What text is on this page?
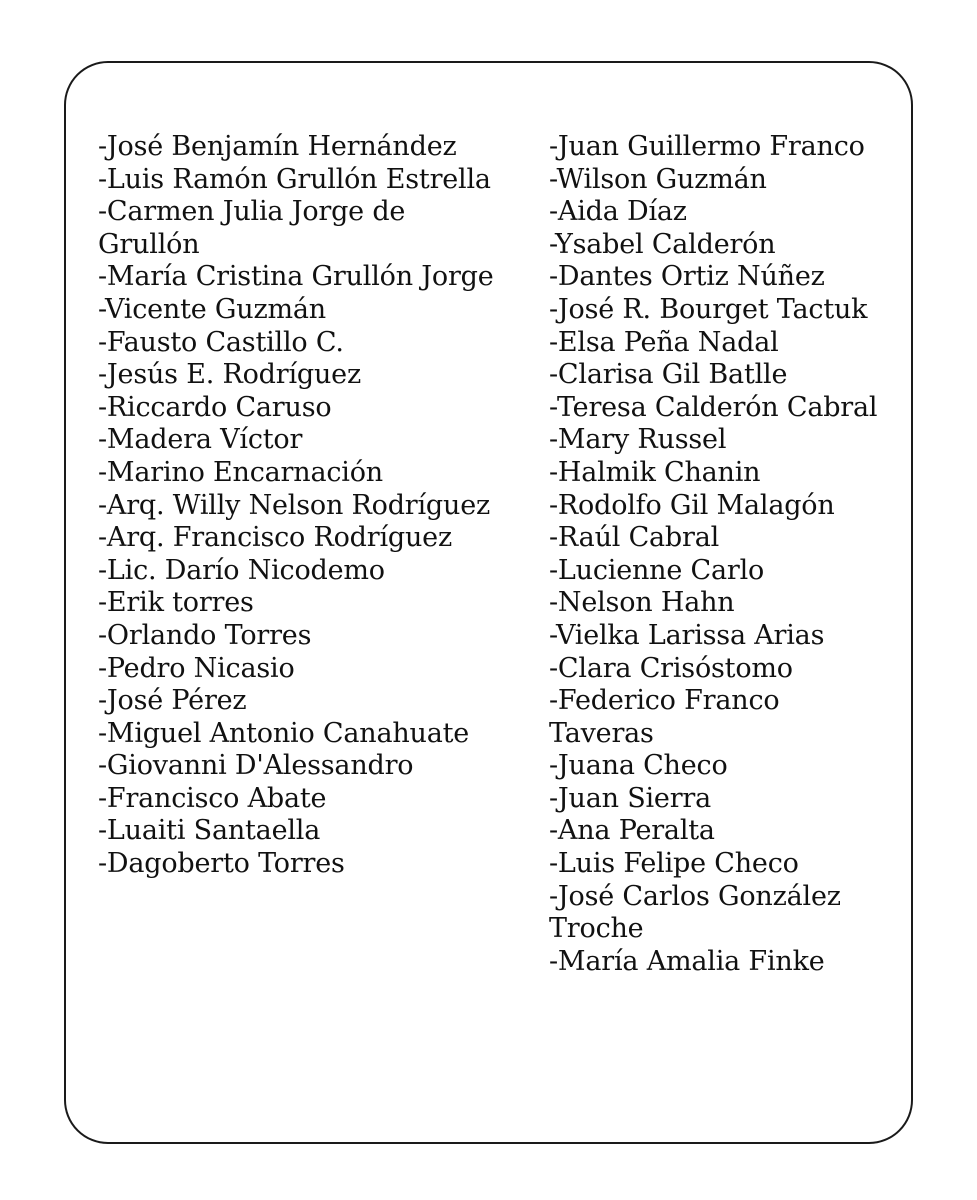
-José Benjamín Hernández
-Luis Ramón Grullón Estrella
-Carmen Julia Jorge de Grullón
-María Cristina Grullón Jorge
-Vicente Guzmán
-Fausto Castillo C.
-Jesús E. Rodríguez
-Riccardo Caruso
-Madera Víctor
-Marino Encarnación
-Arq. Willy Nelson Rodríguez
-Arq. Francisco Rodríguez
-Lic. Darío Nicodemo
-Erik torres
-Orlando Torres
-Pedro Nicasio
-José Pérez
-Miguel Antonio Canahuate
-Giovanni D'Alessandro
-Francisco Abate
-Luaiti Santaella
-Dagoberto Torres
-Juan Guillermo Franco
-Wilson Guzmán
-Aida Díaz
-Ysabel Calderón
-Dantes Ortiz Núñez
-José R. Bourget Tactuk
-Elsa Peña Nadal
-Clarisa Gil Batlle
-Teresa Calderón Cabral
-Mary Russel
-Halmik Chanin
-Rodolfo Gil Malagón
-Raúl Cabral
-Lucienne Carlo
-Nelson Hahn
-Vielka Larissa Arias
-Clara Crisóstomo
-Federico Franco Taveras
-Juana Checo
-Juan Sierra
-Ana Peralta
-Luis Felipe Checo
-José Carlos González Troche
-María Amalia Finke
